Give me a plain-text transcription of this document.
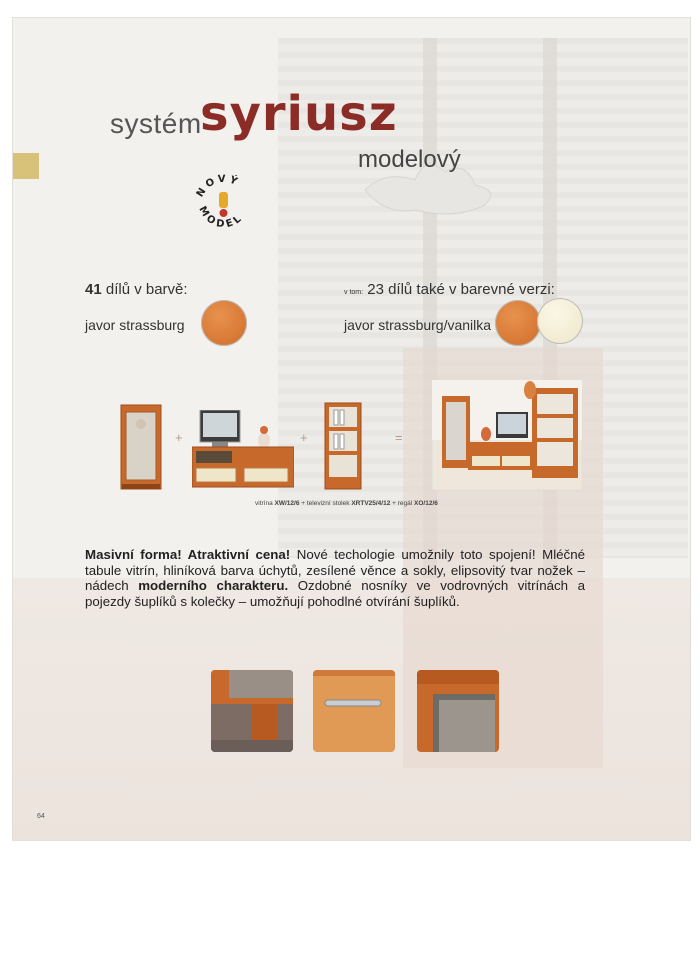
systém
syriusz
modelový
NOVÝ
MODEL
41 dílů v barvě:
javor strassburg
v tom: 23 dílů také v barevné verzi:
javor strassburg/vanilka
+	+	=
vitrína XW/12/6 + televizní stolek XRTV25/4/12 + regál XO/12/6
Masivní forma! Atraktivní cena! Nové techologie umožnily toto spojení! Mléčné tabule vitrín, hliníková barva úchytů, zesílené věnce a sokly, elipsovitý tvar nožek – nádech moderního charakteru. Ozdobné nosníky ve vodrovných vitrínách a pojezdy šuplíků s kolečky – umožňují pohodlné otvírání šuplíků.
64
